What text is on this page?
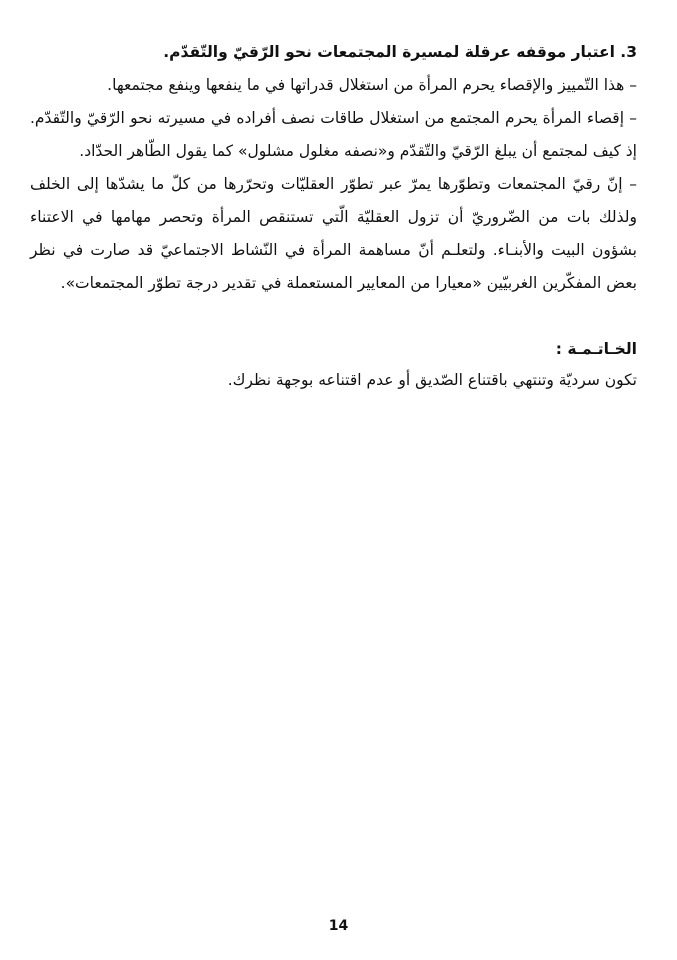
3. اعتبار موقفه عرقلة لمسيرة المجتمعات نحو الرّقيّ والتّقدّم.

– هذا التّمييز والإقصاء يحرم المرأة من استغلال قدراتها في ما ينفعها وينفع مجتمعها.

– إقصاء المرأة يحرم المجتمع من استغلال طاقات نصف أفراده في مسيرته نحو الرّقيّ والتّقدّم. إذ كيف لمجتمع أن يبلغ الرّقيّ والتّقدّم و«نصفه مغلول مشلول» كما يقول الطّاهر الحدّاد.

– إنّ رقيّ المجتمعات وتطوّرها يمرّ عبر تطوّر العقليّات وتحرّرها من كلّ ما يشدّها إلى الخلف ولذلك بات من الضّروريّ أن تزول العقليّة الّتي تستنقص المرأة وتحصر مهامها في الاعتناء بشؤون البيت والأبنـاء. ولتعلـم أنّ مساهمة المرأة في النّشاط الاجتماعيّ قد صارت في نظر بعض المفكّرين الغربيّين «معيارا من المعايير المستعملة في تقدير درجة تطوّر المجتمعات».

الخـاتـمـة :

تكون سرديّة وتنتهي باقتناع الصّديق أو عدم اقتناعه بوجهة نظرك.

14
